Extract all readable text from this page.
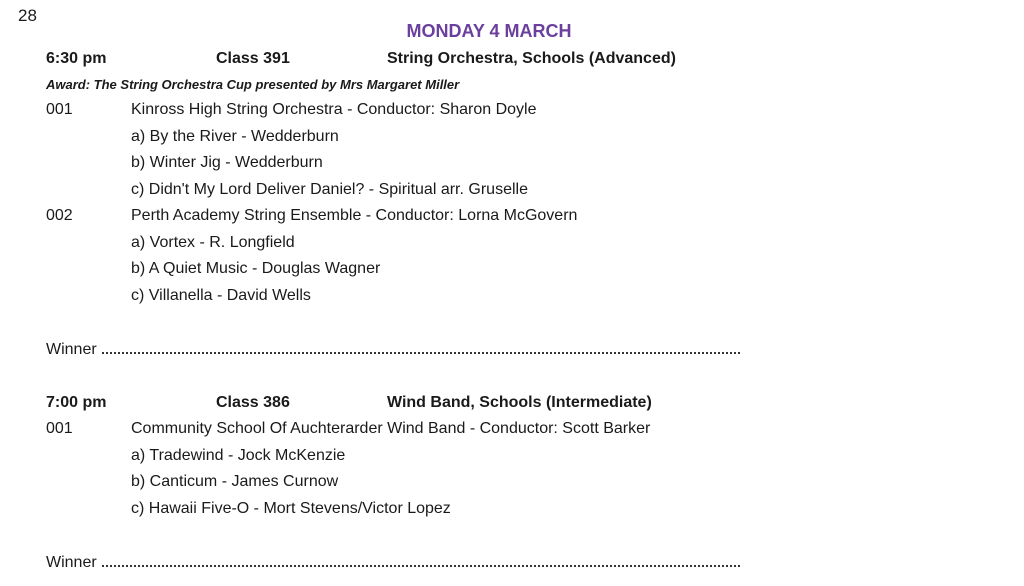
28
MONDAY 4 MARCH
6:30 pm	Class 391	String Orchestra, Schools (Advanced)
Award: The String Orchestra Cup presented by Mrs Margaret Miller
001	Kinross High String Orchestra - Conductor: Sharon Doyle
a) By the River - Wedderburn
b) Winter Jig - Wedderburn
c) Didn't My Lord Deliver Daniel? - Spiritual arr. Gruselle
002	Perth Academy String Ensemble - Conductor: Lorna McGovern
a) Vortex - R. Longfield
b) A Quiet Music - Douglas Wagner
c) Villanella - David Wells
Winner
7:00 pm	Class 386	Wind Band, Schools (Intermediate)
001	Community School Of Auchterarder Wind Band - Conductor: Scott Barker
a) Tradewind - Jock McKenzie
b) Canticum - James Curnow
c) Hawaii Five-O - Mort Stevens/Victor Lopez
Winner
